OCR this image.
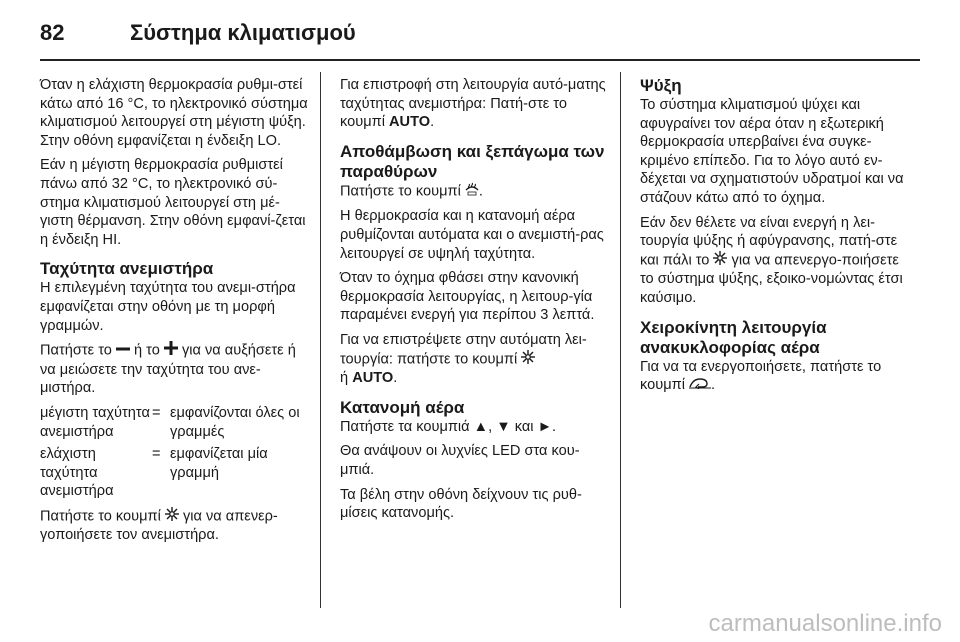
82	Σύστημα κλιματισμού

Όταν η ελάχιστη θερμοκρασία ρυθμι-στεί κάτω από 16 °C, το ηλεκτρονικό σύστημα κλιματισμού λειτουργεί στη μέγιστη ψύξη. Στην οθόνη εμφανίζεται η ένδειξη LO.

Εάν η μέγιστη θερμοκρασία ρυθμιστεί πάνω από 32 °C, το ηλεκτρονικό σύ-στημα κλιματισμού λειτουργεί στη μέ-γιστη θέρμανση. Στην οθόνη εμφανί-ζεται η ένδειξη HI.

Ταχύτητα ανεμιστήρα

Η επιλεγμένη ταχύτητα του ανεμι-στήρα εμφανίζεται στην οθόνη με τη μορφή γραμμών.

Πατήστε το ή το για να αυξήσετε ή να μειώσετε την ταχύτητα του ανε-μιστήρα.

μέγιστη ταχύτητα ανεμιστήρα
= εμφανίζονται όλες οι γραμμές
ελάχιστη ταχύτητα ανεμιστήρα
= εμφανίζεται μία γραμμή

Πατήστε το κουμπί για να απενερ-γοποιήσετε τον ανεμιστήρα.

Για επιστροφή στη λειτουργία αυτό-ματης ταχύτητας ανεμιστήρα: Πατή-στε το κουμπί AUTO.

Αποθάμβωση και ξεπάγωμα των παραθύρων

Πατήστε το κουμπί .

Η θερμοκρασία και η κατανομή αέρα ρυθμίζονται αυτόματα και ο ανεμιστή-ρας λειτουργεί σε υψηλή ταχύτητα.

Όταν το όχημα φθάσει στην κανονική θερμοκρασία λειτουργίας, η λειτουρ-γία παραμένει ενεργή για περίπου 3 λεπτά.

Για να επιστρέψετε στην αυτόματη λει-τουργία: πατήστε το κουμπί
ή AUTO.

Κατανομή αέρα

Πατήστε τα κουμπιά ▲, ▼ και ►.

Θα ανάψουν οι λυχνίες LED στα κου-μπιά.

Τα βέλη στην οθόνη δείχνουν τις ρυθ-μίσεις κατανομής.

Ψύξη

Το σύστημα κλιματισμού ψύχει και αφυγραίνει τον αέρα όταν η εξωτερική θερμοκρασία υπερβαίνει ένα συγκε-κριμένο επίπεδο. Για το λόγο αυτό εν-δέχεται να σχηματιστούν υδρατμοί και να στάζουν κάτω από το όχημα.

Εάν δεν θέλετε να είναι ενεργή η λει-τουργία ψύξης ή αφύγρανσης, πατή-στε και πάλι το για να απενεργο-ποιήσετε το σύστημα ψύξης, εξοικο-νομώντας έτσι καύσιμο.

Χειροκίνητη λειτουργία ανακυκλοφορίας αέρα

Για να τα ενεργοποιήσετε, πατήστε το κουμπί .

carmanualsonline.info
